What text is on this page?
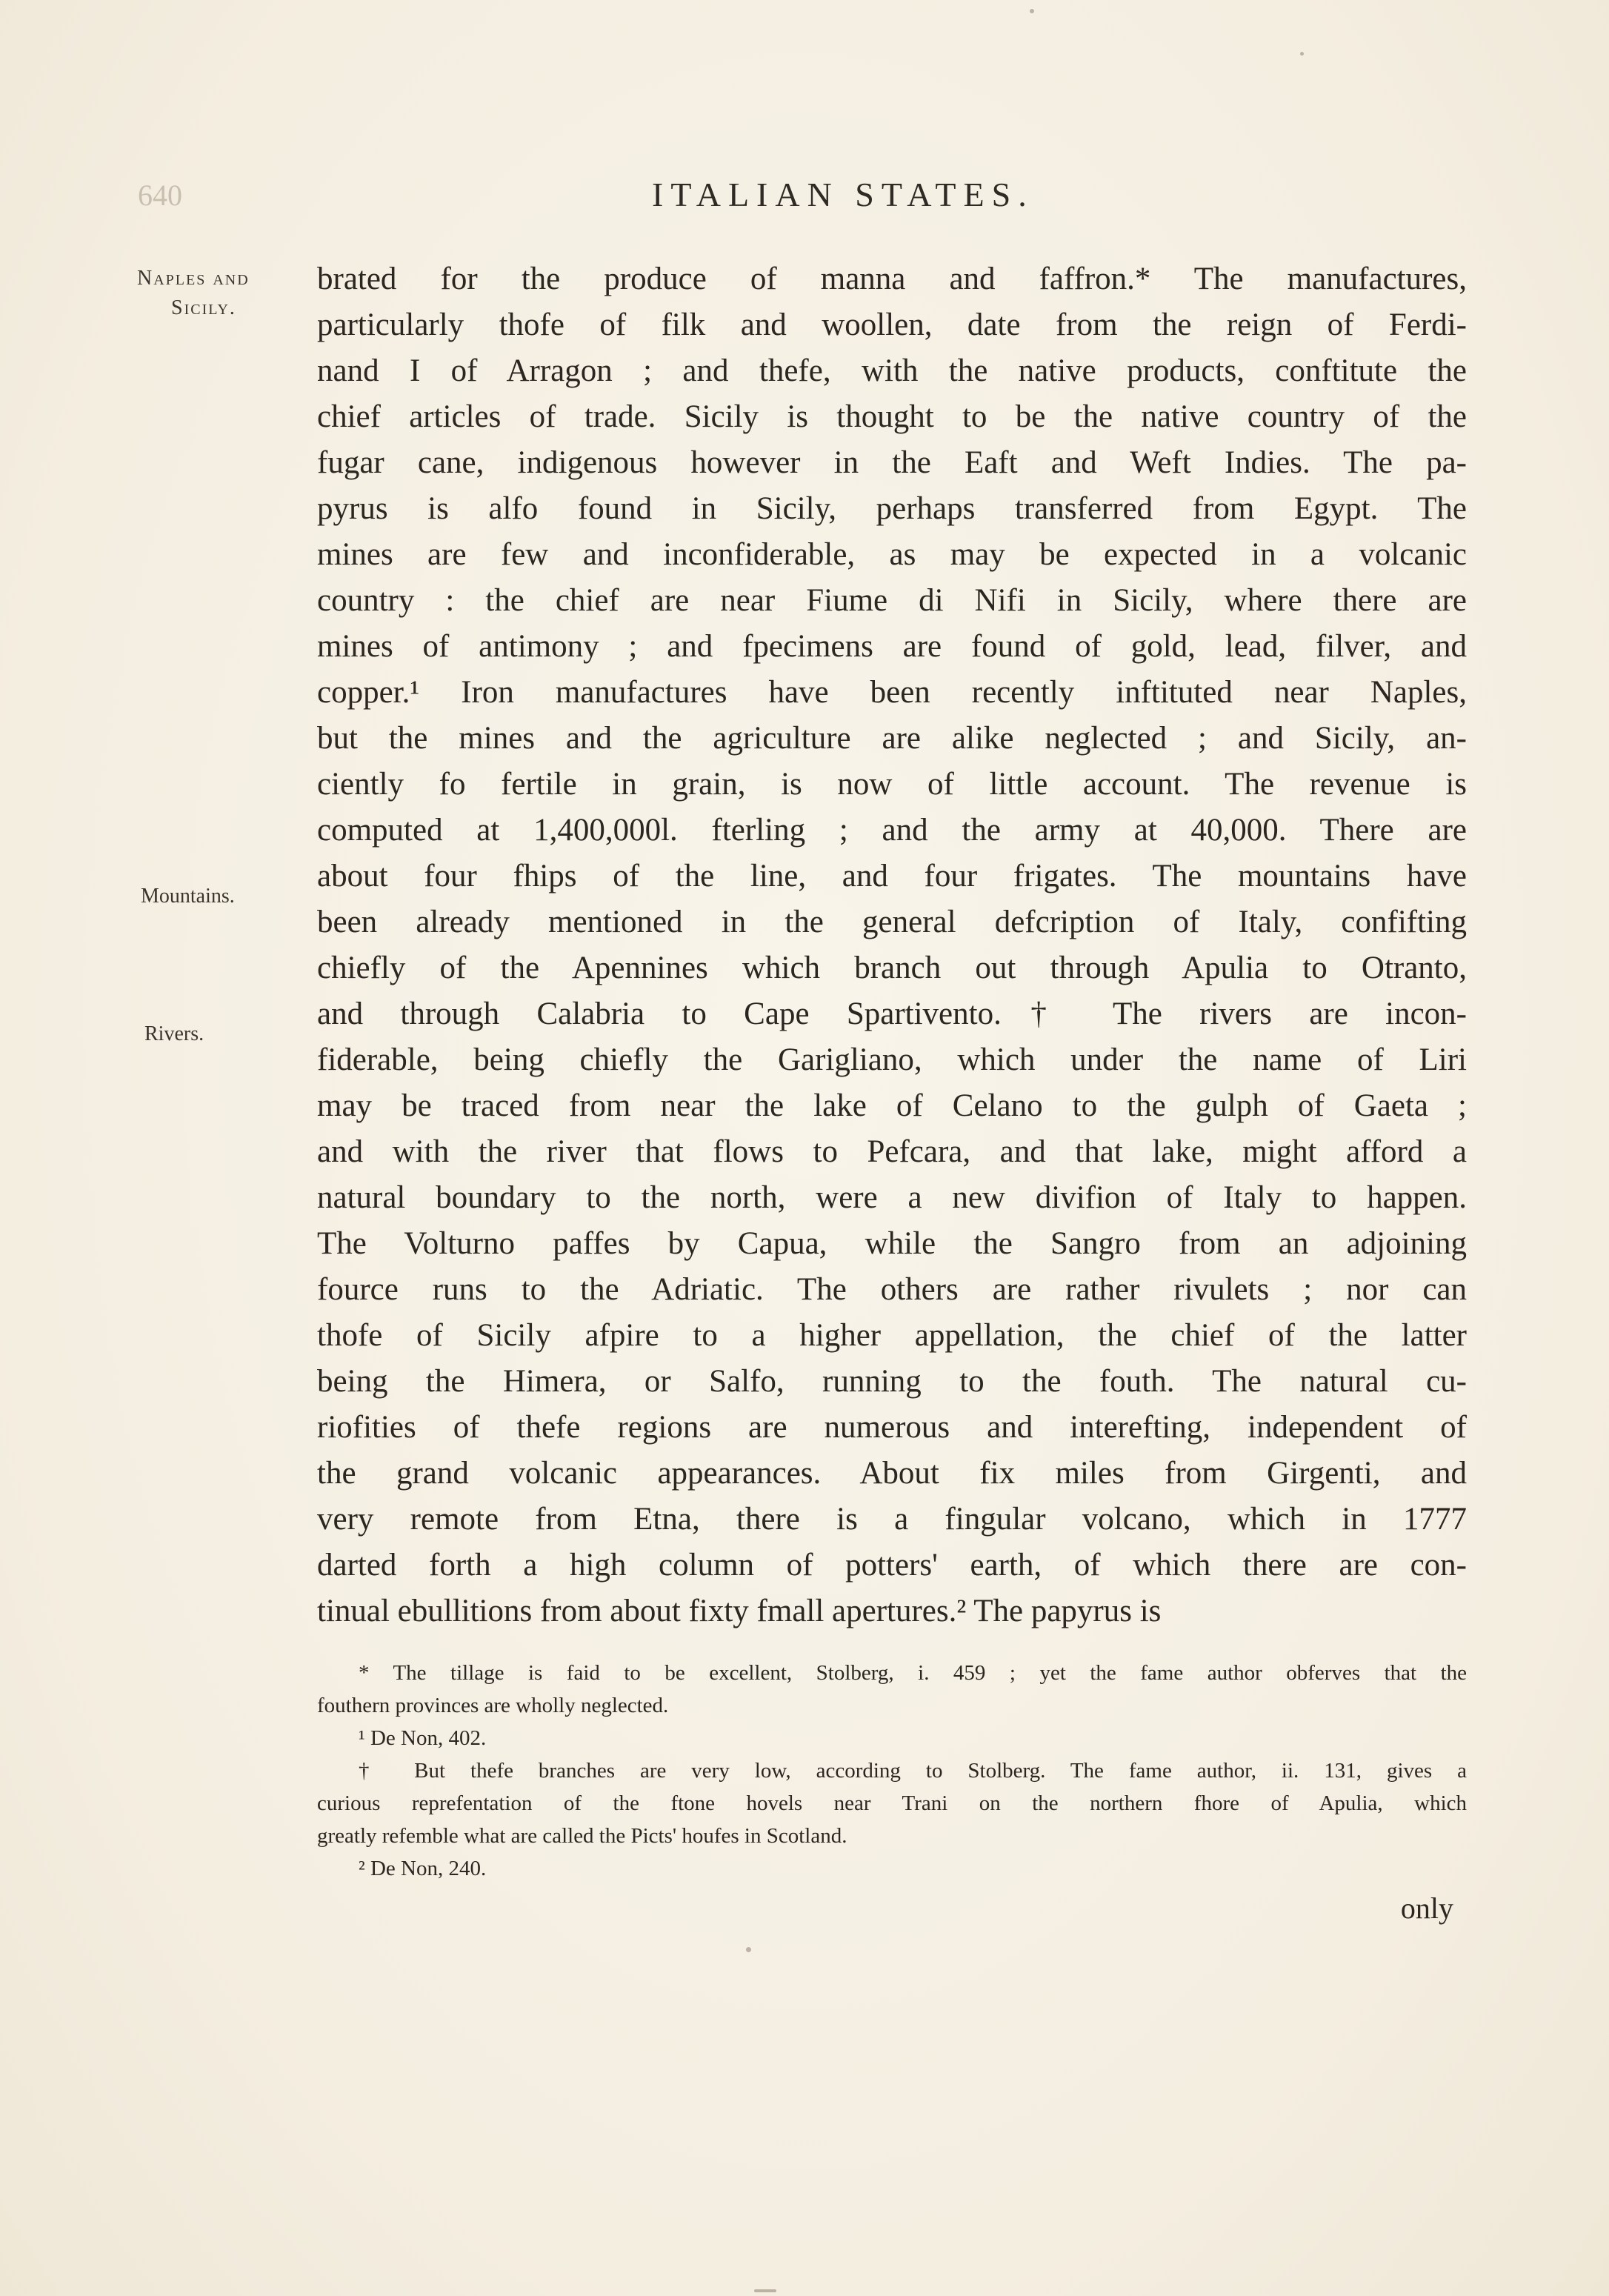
640	ITALIAN STATES.
Naples and
Sicily.
Mountains.
Rivers.
brated for the produce of manna and faffron.* The manufactures,
particularly thofe of filk and woollen, date from the reign of Ferdi-
nand I of Arragon ; and thefe, with the native products, conftitute the
chief articles of trade. Sicily is thought to be the native country of the
fugar cane, indigenous however in the Eaft and Weft Indies. The pa-
pyrus is alfo found in Sicily, perhaps transferred from Egypt. The
mines are few and inconfiderable, as may be expected in a volcanic
country : the chief are near Fiume di Nifi in Sicily, where there are
mines of antimony ; and fpecimens are found of gold, lead, filver, and
copper.¹ Iron manufactures have been recently inftituted near Naples,
but the mines and the agriculture are alike neglected ; and Sicily, an-
ciently fo fertile in grain, is now of little account. The revenue is
computed at 1,400,000l. fterling ; and the army at 40,000. There are
about four fhips of the line, and four frigates. The mountains have
been already mentioned in the general defcription of Italy, confifting
chiefly of the Apennines which branch out through Apulia to Otranto,
and through Calabria to Cape Spartivento.† The rivers are incon-
fiderable, being chiefly the Garigliano, which under the name of Liri
may be traced from near the lake of Celano to the gulph of Gaeta ;
and with the river that flows to Pefcara, and that lake, might afford a
natural boundary to the north, were a new divifion of Italy to happen.
The Volturno paffes by Capua, while the Sangro from an adjoining
fource runs to the Adriatic. The others are rather rivulets ; nor can
thofe of Sicily afpire to a higher appellation, the chief of the latter
being the Himera, or Salfo, running to the fouth. The natural cu-
riofities of thefe regions are numerous and interefting, independent of
the grand volcanic appearances. About fix miles from Girgenti, and
very remote from Etna, there is a fingular volcano, which in 1777
darted forth a high column of potters' earth, of which there are con-
tinual ebullitions from about fixty fmall apertures.² The papyrus is
* The tillage is faid to be excellent, Stolberg, i. 459 ; yet the fame author obferves that the
fouthern provinces are wholly neglected.
¹ De Non, 402.
† But thefe branches are very low, according to Stolberg. The fame author, ii. 131, gives a
curious reprefentation of the ftone hovels near Trani on the northern fhore of Apulia, which
greatly refemble what are called the Picts' houfes in Scotland.
² De Non, 240.
only
